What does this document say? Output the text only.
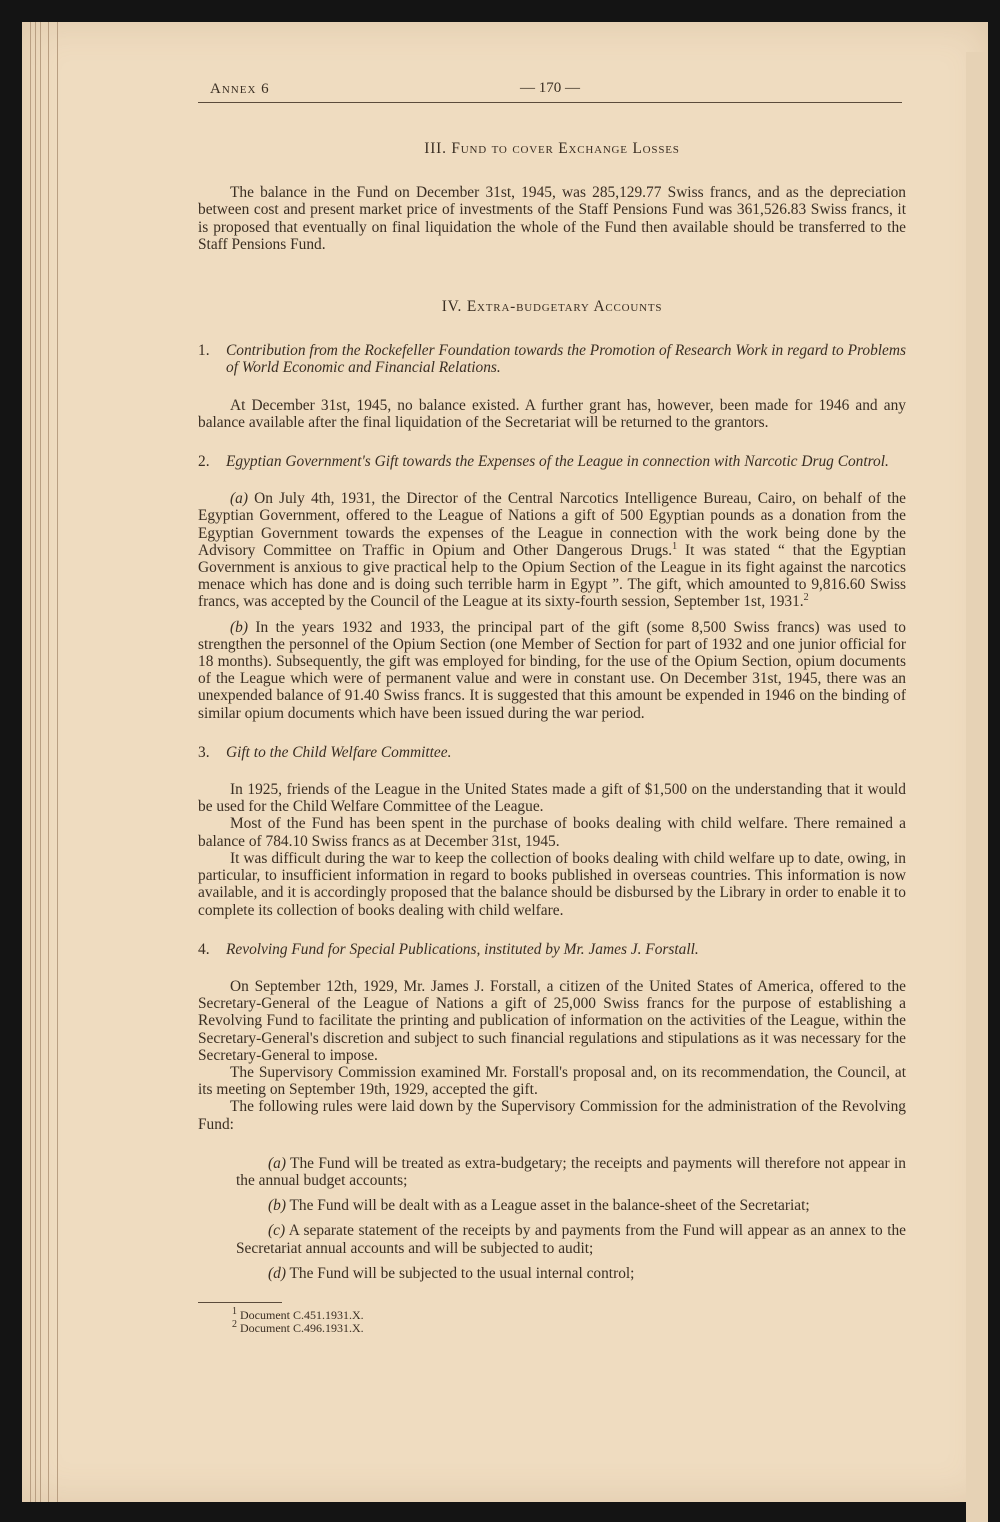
Annex 6	— 170 —
III. Fund to cover Exchange Losses

The balance in the Fund on December 31st, 1945, was 285,129.77 Swiss francs, and as the depreciation between cost and present market price of investments of the Staff Pensions Fund was 361,526.83 Swiss francs, it is proposed that eventually on final liquidation the whole of the Fund then available should be transferred to the Staff Pensions Fund.

IV. Extra-budgetary Accounts
1. Contribution from the Rockefeller Foundation towards the Promotion of Research Work in regard to Problems of World Economic and Financial Relations.

At December 31st, 1945, no balance existed. A further grant has, however, been made for 1946 and any balance available after the final liquidation of the Secretariat will be returned to the grantors.

2. Egyptian Government's Gift towards the Expenses of the League in connection with Narcotic Drug Control.

(a) On July 4th, 1931, the Director of the Central Narcotics Intelligence Bureau, Cairo, on behalf of the Egyptian Government, offered to the League of Nations a gift of 500 Egyptian pounds as a donation from the Egyptian Government towards the expenses of the League in connection with the work being done by the Advisory Committee on Traffic in Opium and Other Dangerous Drugs.$^1$ It was stated “ that the Egyptian Government is anxious to give practical help to the Opium Section of the League in its fight against the narcotics menace which has done and is doing such terrible harm in Egypt ”. The gift, which amounted to 9,816.60 Swiss francs, was accepted by the Council of the League at its sixty-fourth session, September 1st, 1931.$^2$

(b) In the years 1932 and 1933, the principal part of the gift (some 8,500 Swiss francs) was used to strengthen the personnel of the Opium Section (one Member of Section for part of 1932 and one junior official for 18 months). Subsequently, the gift was employed for binding, for the use of the Opium Section, opium documents of the League which were of permanent value and were in constant use. On December 31st, 1945, there was an unexpended balance of 91.40 Swiss francs. It is suggested that this amount be expended in 1946 on the binding of similar opium documents which have been issued during the war period.

3. Gift to the Child Welfare Committee.

In 1925, friends of the League in the United States made a gift of $1,500 on the understanding that it would be used for the Child Welfare Committee of the League.

Most of the Fund has been spent in the purchase of books dealing with child welfare. There remained a balance of 784.10 Swiss francs as at December 31st, 1945.

It was difficult during the war to keep the collection of books dealing with child welfare up to date, owing, in particular, to insufficient information in regard to books published in overseas countries. This information is now available, and it is accordingly proposed that the balance should be disbursed by the Library in order to enable it to complete its collection of books dealing with child welfare.

4. Revolving Fund for Special Publications, instituted by Mr. James J. Forstall.

On September 12th, 1929, Mr. James J. Forstall, a citizen of the United States of America, offered to the Secretary-General of the League of Nations a gift of 25,000 Swiss francs for the purpose of establishing a Revolving Fund to facilitate the printing and publication of information on the activities of the League, within the Secretary-General's discretion and subject to such financial regulations and stipulations as it was necessary for the Secretary-General to impose.

The Supervisory Commission examined Mr. Forstall's proposal and, on its recommendation, the Council, at its meeting on September 19th, 1929, accepted the gift.

The following rules were laid down by the Supervisory Commission for the administration of the Revolving Fund:

(a) The Fund will be treated as extra-budgetary; the receipts and payments will therefore not appear in the annual budget accounts;

(b) The Fund will be dealt with as a League asset in the balance-sheet of the Secretariat;

(c) A separate statement of the receipts by and payments from the Fund will appear as an annex to the Secretariat annual accounts and will be subjected to audit;

(d) The Fund will be subjected to the usual internal control;

$^1$ Document C.451.1931.X.

$^2$ Document C.496.1931.X.
